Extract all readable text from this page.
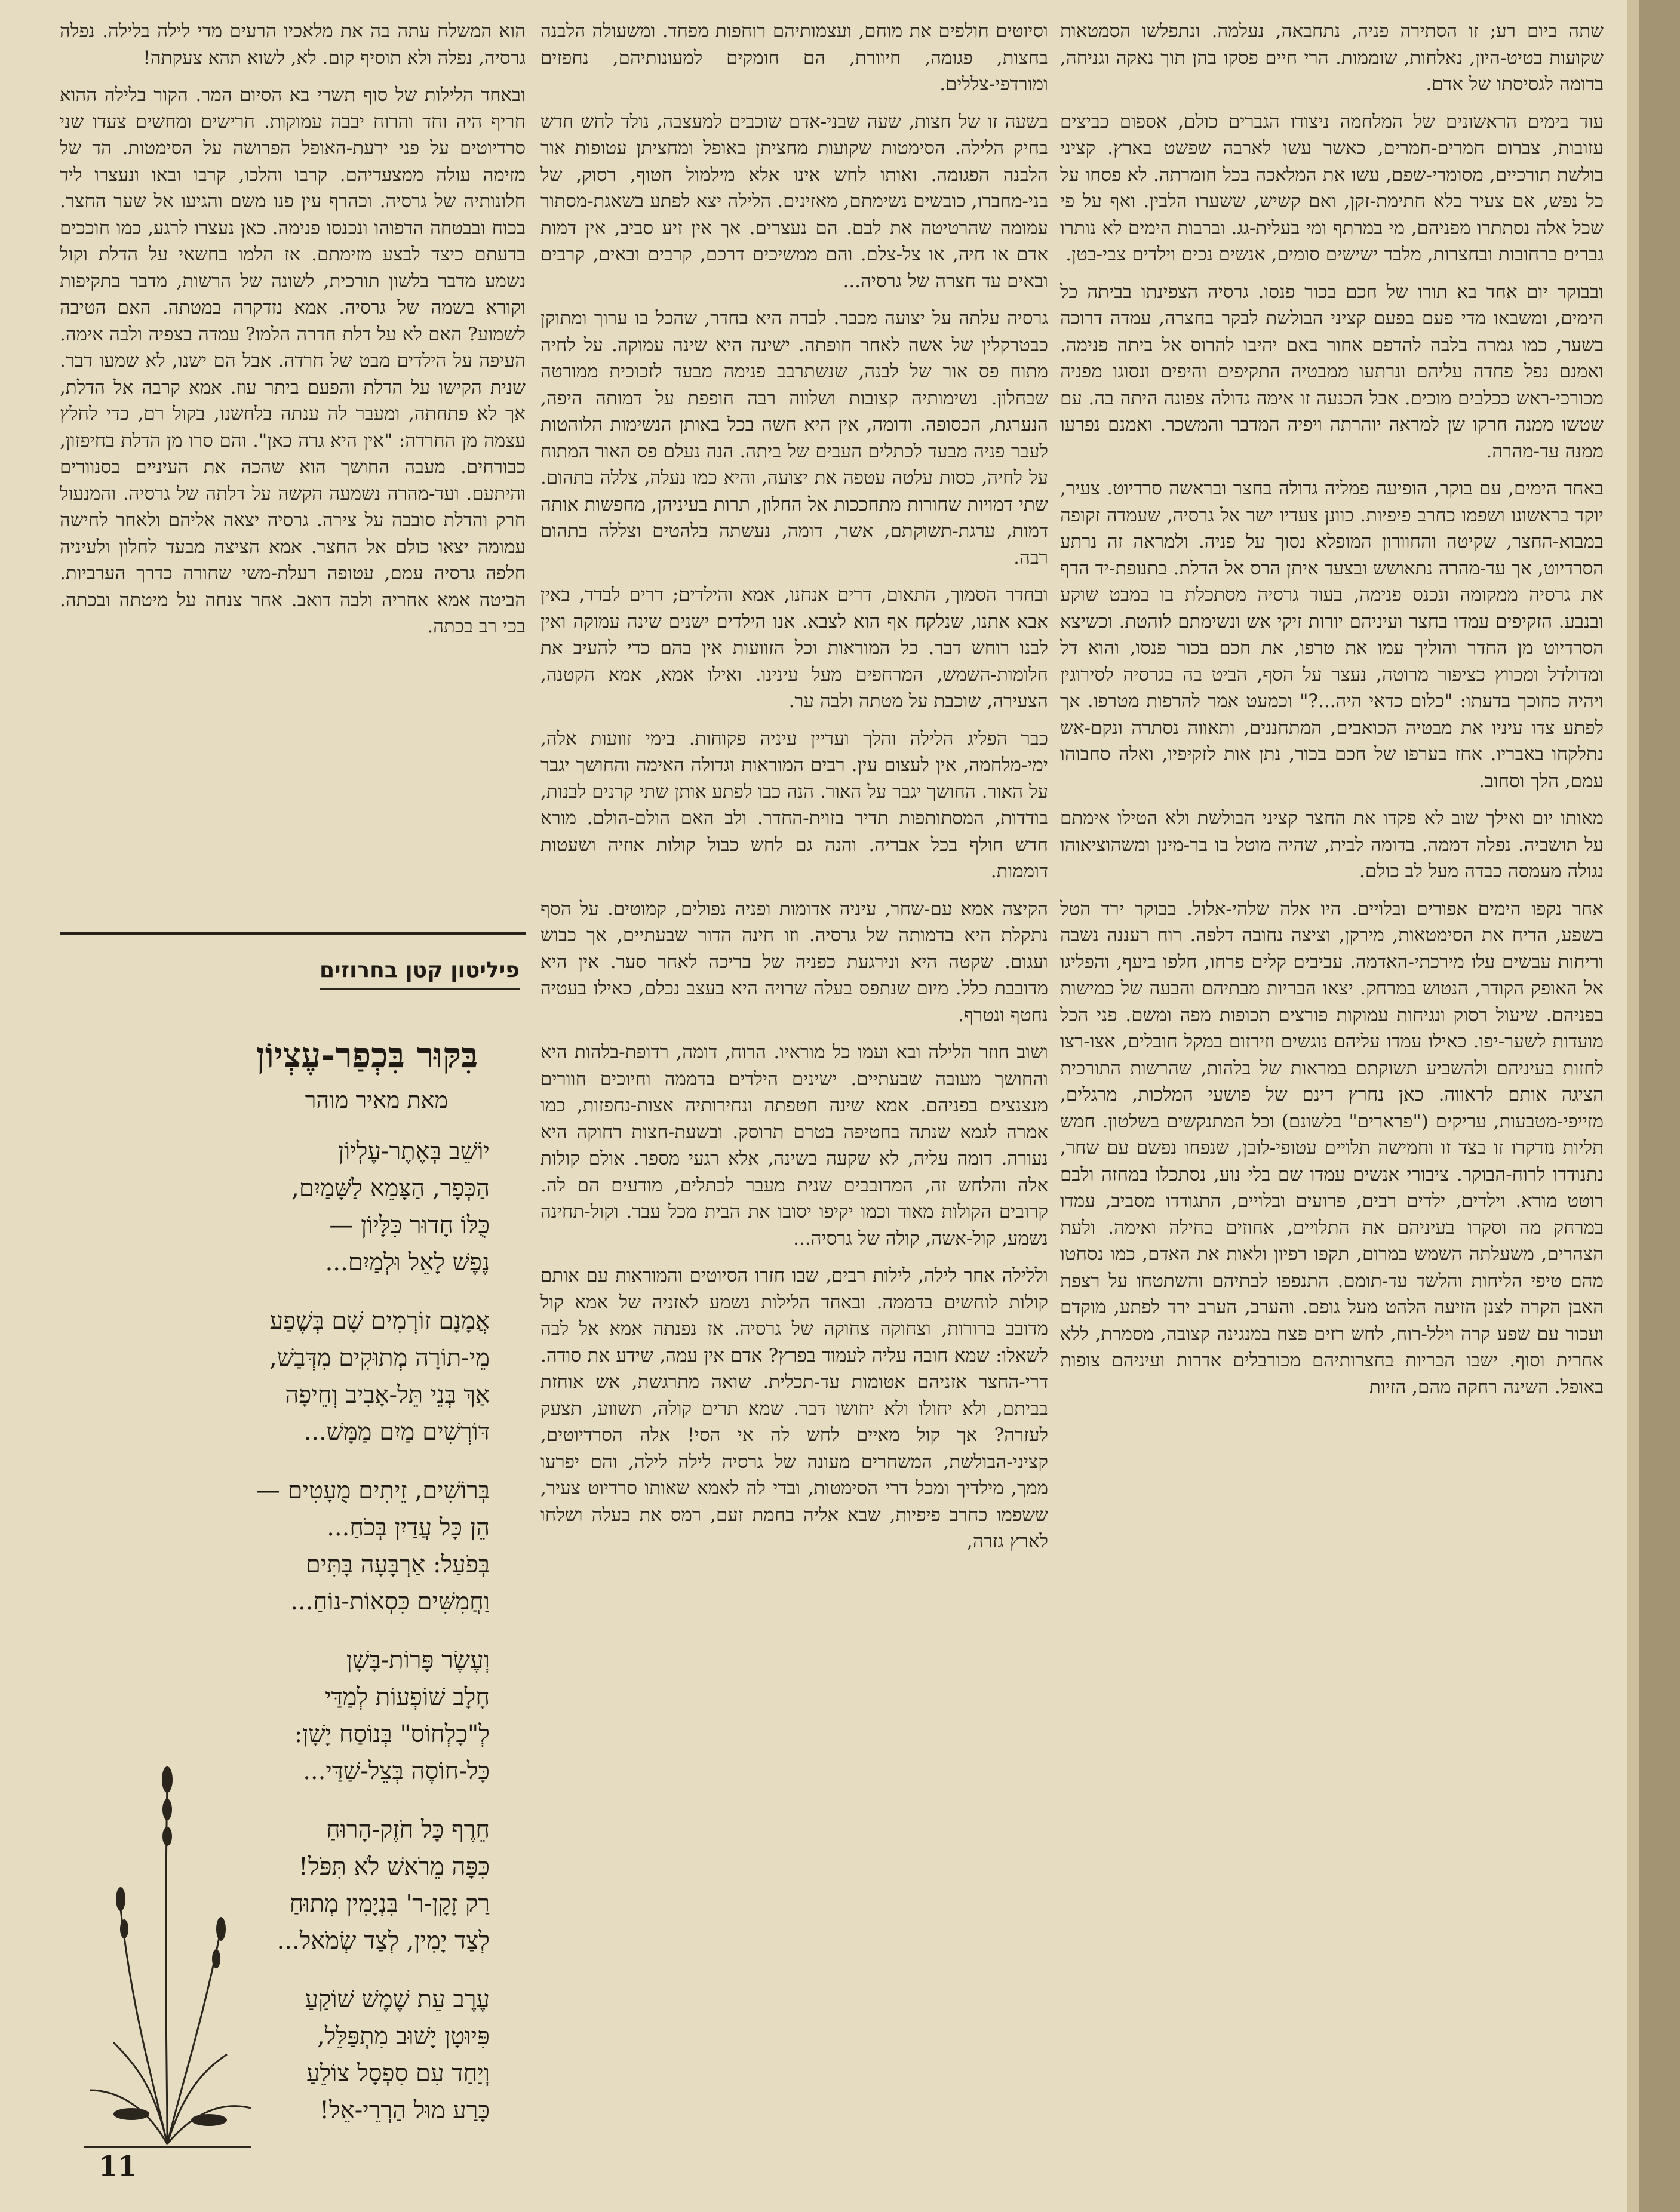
שתה ביום רע; זו הסתירה פניה, נתחבאה, נעלמה. ונתפלשו הסמטאות שקועות בטיט-היון, נאלחות, שוממות. הרי חיים פסקו בהן תוך נאקה וגניחה, בדומה לגסיסתו של אדם.

עוד בימים הראשונים של המלחמה ניצודו הגברים כולם, אספום כביצים עזובות, צברום חמרים-חמרים, כאשר עשו לארבה שפשט בארץ. קציני בולשת תורכיים, מסומרי-שפם, עשו את המלאכה בכל חומרתה. לא פסחו על כל נפש, אם צעיר בלא חתימת-זקן, ואם קשיש, ששערו הלבין. ואף על פי שכל אלה נסתתרו מפניהם, מי במרתף ומי בעלית-גג. וברבות הימים לא נותרו גברים ברחובות ובחצרות, מלבד ישישים סומים, אנשים נכים וילדים צבי-בטן.

ובבוקר יום אחד בא תורו של חכם בכור פנסו. גרסיה הצפינתו בביתה כל הימים, ומשבאו מדי פעם בפעם קציני הבולשת לבקר בחצרה, עמדה דרוכה בשער, כמו גמרה בלבה להדפם אחור באם יהיבו להרוס אל ביתה פנימה. ואמנם נפל פחדה עליהם ונרתעו ממבטיה התקיפים והיפים ונסוגו מפניה מכורכי-ראש ככלבים מוכים. אבל הכנעה זו אימה גדולה צפונה היתה בה. עם שטשו ממנה חרקו שן למראה יוהרתה ויפיה המדבר והמשכר. ואמנם נפרעו ממנה עד-מהרה.

באחד הימים, עם בוקר, הופיעה פמליה גדולה בחצר ובראשה סרדיוט. צעיר, יוקד בראשונו ושפמו כחרב פיפיות. כוונן צעדיו ישר אל גרסיה, שעמדה זקופה במבוא-החצר, שקיטה והחוורון המופלא נסוך על פניה. ולמראה זה נרתע הסרדיוט, אך עד-מהרה נתאושש ובצעד איתן הרס אל הדלת. בתנופת-יד הדף את גרסיה ממקומה ונכנס פנימה, בעוד גרסיה מסתכלת בו במבט שוקע ובנבע. הזקיפים עמדו בחצר ועיניהם יורות זיקי אש ונשימתם לוהטת. וכשיצא הסרדיוט מן החדר והוליך עמו את טרפו, את חכם בכור פנסו, והוא דל ומדולדל ומכווץ כציפור מרוטה, נעצר על הסף, הביט בה בגרסיה לסירוגין ויהיה כחוכך בדעתו: "כלום כדאי היה...?" וכמעט אמר להרפות מטרפו. אך לפתע צדו עיניו את מבטיה הכואבים, המתחננים, ותאווה נסתרה ונקם-אש נתלקחו באבריו. אחז בערפו של חכם בכור, נתן אות לזקיפיו, ואלה סחבוהו עמם, הלך וסחוב.

מאותו יום ואילך שוב לא פקדו את החצר קציני הבולשת ולא הטילו אימתם על תושביה. נפלה דממה. בדומה לבית, שהיה מוטל בו בר-מינן ומשהוציאוהו נגולה מעמסה כבדה מעל לב כולם.

אחר נקפו הימים אפורים ובלויים. היו אלה שלהי-אלול. בבוקר ירד הטל בשפע, הדיח את הסימטאות, מירקן, וציצה נחובה דלפה. רוח רעננה נשבה וריחות עבשים עלו מירכתי-האדמה. עביבים קלים פרחו, חלפו ביעף, והפליגו אל האופק הקודר, הנטוש במרחק. יצאו הבריות מבתיהם והבעה של כמישות בפניהם. שיעול רסוק ונגיחות עמוקות פורצים תכופות מפה ומשם. פני הכל מועדות לשער-יפו. כאילו עמדו עליהם נוגשים וזירזום במקל חובלים, אצו-רצו לחזות בעיניהם ולהשביע תשוקתם במראות של בלהות, שהרשות התורכית הציגה אותם לראווה. כאן נחרץ דינם של פושעי המלכות, מרגלים, מזייפי-מטבעות, עריקים ("פרארים" בלשונם) וכל המתנקשים בשלטון. חמש תליות נזדקרו זו בצד זו וחמישה תלויים עטופי-לובן, שנפחו נפשם עם שחר, נתנודדו לרוח-הבוקר. ציבורי אנשים עמדו שם בלי נוע, נסתכלו במחזה ולבם רוטט מורא. וילדים, ילדים רבים, פרועים ובלויים, התגודדו מסביב, עמדו במרחק מה וסקרו בעיניהם את התלויים, אחוזים בחילה ואימה. ולעת הצהרים, משעלתה השמש במרום, תקפו רפיון ולאות את האדם, כמו נסחטו מהם טיפי הליחות והלשד עד-תומם. התנפפו לבתיהם והשתטחו על רצפת האבן הקרה לצנן הזיעה הלהט מעל גופם. והערב, הערב ירד לפתע, מוקדם ועכור עם שפע קרה וילל-רוח, לחש רזים פצח במנגינה קצובה, מסמרת, ללא אחרית וסוף. ישבו הבריות בחצרותיהם מכורבלים אדרות ועיניהם צופות באופל. השינה רחקה מהם, הזיות

וסיוטים חולפים את מוחם, ועצמותיהם רוחפות מפחד. ומשעולה הלבנה בחצות, פגומה, חיוורת, הם חומקים למעונותיהם, נחפזים ומורדפי-צללים.

בשעה זו של חצות, שעה שבני-אדם שוכבים למעצבה, נולד לחש חדש בחיק הלילה. הסימטות שקועות מחציתן באופל ומחציתן עטופות אור הלבנה הפגומה. ואותו לחש אינו אלא מילמול חטוף, רסוק, של בני-מחברו, כובשים נשימתם, מאזינים. הלילה יצא לפתע בשאגת-מסתור עמומה שהרטיטה את לבם. הם נעצרים. אך אין זיע סביב, אין דמות אדם או חיה, או צל-צלם. והם ממשיכים דרכם, קרבים ובאים, קרבים ובאים עד חצרה של גרסיה...

גרסיה עלתה על יצועה מכבר. לבדה היא בחדר, שהכל בו ערוך ומתוקן כבטרקלין של אשה לאחר חופתה. ישינה היא שינה עמוקה. על לחיה מתוח פס אור של לבנה, שנשתרבב פנימה מבעד לזכוכית ממורטה שבחלון. נשימותיה קצובות ושלווה רבה חופפת על דמותה היפה, הנערגת, הכסופה. ודומה, אין היא חשה בכל באותן הנשימות הלוהטות לעבר פניה מבעד לכתלים העבים של ביתה. הנה נעלם פס האור המתוח על לחיה, כסות עלטה עטפה את יצועה, והיא כמו נעלה, צללה בתהום. שתי דמויות שחורות מתחככות אל החלון, תרות בעיניהן, מחפשות אותה דמות, ערגת-תשוקתם, אשר, דומה, נעשתה בלהטים וצללה בתהום רבה.

ובחדר הסמוך, התאום, דרים אנחנו, אמא והילדים; דרים לבדד, באין אבא אתנו, שנלקח אף הוא לצבא. אנו הילדים ישנים שינה עמוקה ואין לבנו רוחש דבר. כל המוראות וכל הזוועות אין בהם כדי להעיב את חלומות-השמש, המרחפים מעל עינינו. ואילו אמא, אמא הקטנה, הצעירה, שוכבת על מטתה ולבה ער.

כבר הפליג הלילה והלך ועדיין עיניה פקוחות. בימי זוועות אלה, ימי-מלחמה, אין לעצום עין. רבים המוראות וגדולה האימה והחושך יגבר על האור. החושך יגבר על האור. הנה כבו לפתע אותן שתי קרנים לבנות, בודדות, המסתותפות תדיר בזוית-החדר. ולב האם הולם-הולם. מורא חדש חולף בכל אבריה. והנה גם לחש כבול קולות אוזיה ושעטות דוממות.

הקיצה אמא עם-שחר, עיניה אדומות ופניה נפולים, קמוטים. על הסף נתקלת היא בדמותה של גרסיה. וזו חינה הדור שבעתיים, אך כבוש ועגום. שקטה היא ונירגעת כפניה של בריכה לאחר סער. אין היא מדובבת כלל. מיום שנתפס בעלה שרויה היא בעצב נכלם, כאילו בעטיה נחטף ונטרף.

ושוב חוזר הלילה ובא ועמו כל מוראיו. הרוח, דומה, רדופת-בלהות היא והחושך מעובה שבעתיים. ישינים הילדים בדממה וחיוכים חוורים מנצנצים בפניהם. אמא שינה חטפתה ונחירותיה אצות-נחפזות, כמו אמרה לגמא שנתה בחטיפה בטרם תרוסק. ובשעת-חצות רחוקה היא נעורה. דומה עליה, לא שקעה בשינה, אלא רגעי מספר. אולם קולות אלה והלחש זה, המדובבים שנית מעבר לכתלים, מודעים הם לה. קרובים הקולות מאוד וכמו יקיפו יסובו את הבית מכל עבר. וקול-תחינה נשמע, קול-אשה, קולה של גרסיה...

וללילה אחר לילה, לילות רבים, שבו חזרו הסיוטים והמוראות עם אותם קולות לוחשים בדממה. ובאחד הלילות נשמע לאזניה של אמא קול מדובב ברורות, וצחוקה צחוקה של גרסיה. אז נפנתה אמא אל לבה לשאלו: שמא חובה עליה לעמוד בפרץ? אדם אין עמה, שידע את סודה. דרי-החצר אזניהם אטומות עד-תכלית. שואה מתרגשת, אש אוחזת בביתם, ולא יחולו ולא יחושו דבר. שמא תרים קולה, תשווע, תצעק לעזרה? אך קול מאיים לחש לה אי הסי! אלה הסרדיוטים, קציני-הבולשת, המשחרים מעונה של גרסיה לילה לילה, והם יפרעו ממך, מילדיך ומכל דרי הסימטות, ובדי לה לאמא שאותו סרדיוט צעיר, ששפמו כחרב פיפיות, שבא אליה בחמת זעם, רמס את בעלה ושלחו לארץ גזרה,

הוא המשלח עתה בה את מלאכיו הרעים מדי לילה בלילה. נפלה גרסיה, נפלה ולא תוסיף קום. לא, לשוא תהא צעקתה!

ובאחד הלילות של סוף תשרי בא הסיום המר. הקור בלילה ההוא חריף היה וחד והרוח יבבה עמוקות. חרישים ומחשים צעדו שני סרדיוטים על פני ירעת-האופל הפרושה על הסימטות. הד של מזימה עולה ממצעדיהם. קרבו והלכו, קרבו ובאו ונעצרו ליד חלונותיה של גרסיה. וכהרף עין פנו משם והגיעו אל שער החצר. בכוח ובבטחה הדפוהו ונכנסו פנימה. כאן נעצרו לרגע, כמו חוככים בדעתם כיצד לבצע מזימתם. אז הלמו בחשאי על הדלת וקול נשמע מדבר בלשון תורכית, לשונה של הרשות, מדבר בתקיפות וקורא בשמה של גרסיה. אמא נזדקרה במטתה. האם הטיבה לשמוע? האם לא על דלת חדרה הלמו? עמדה בצפיה ולבה אימה. העיפה על הילדים מבט של חרדה. אבל הם ישנו, לא שמעו דבר. שנית הקישו על הדלת והפעם ביתר עוז. אמא קרבה אל הדלת, אך לא פתחתה, ומעבר לה ענתה בלחשנו, בקול רם, כדי לחלץ עצמה מן החרדה: "אין היא גרה כאן". והם סרו מן הדלת בחיפזון, כבורחים. מעבה החושך הוא שהכה את העיניים בסנוורים והיתעם. ועד-מהרה נשמעה הקשה על דלתה של גרסיה. והמנעול חרק והדלת סובבה על צירה. גרסיה יצאה אליהם ולאחר לחישה עמומה יצאו כולם אל החצר. אמא הציצה מבעד לחלון ולעיניה חלפה גרסיה עמם, עטופה רעלת-משי שחורה כדרך הערביות. הביטה אמא אחריה ולבה דואב. אחר צנחה על מיטתה ובכתה. בכי רב בכתה.

פיליטון קטן בחרוזים
בִּקּוּר בִּכְפַר-עֶצְיוֹן
מאת מאיר מוהר
יוֹשֵׁב בְּאֶתֶר-עֶלְיוֹן
הַכְּפָר, הַצָּמֵא לַשָּׁמַיִם,
כֻּלּוֹ חָדוּר כִּלָּיוֹן —
נֶפֶשׁ לָאֵל וּלְמַיִם...
אֲמָנָם זוֹרְמִים שָׁם בְּשֶׁפַע
מֵי-תוֹרָה מְתוּקִים מִדְּבַשׁ,
אַךְ בְּנֵי תֵּל-אָבִיב וְחֵיפָה
דּוֹרְשִׁים מַיִם מַמָּשׁ...
בְּרוֹשִׁים, זֵיתִים מֻעָטִים —
הֵן כָּל עֲדַיִן בְּכֹחַ...
בְּפֹעַל: אַרְבָּעָה בָּתִּים
וַחֲמִשִּׁים כִּסְאוֹת-נוֹחַ...
וְעֶשֶׂר פָּרוֹת-בָּשָׁן
חָלָב שׁוֹפְעוֹת לְמַדַּי
לְ"כָלְחוֹס" בְּנוֹסַח יָשָׁן:
כָּל-חוֹסֶה בְּצֵל-שַׁדַּי...
חֵרֶף כָּל חֹזֶק-הָרוּחַ
כִּפָּה מֵרֹאשׁ לֹא תִּפֹּל!
רַק זָקָן-ר' בִּנְיָמִין מְתוּחַ
לְצַד יָמִין, לְצַד שְׂמֹאל...
עֶרֶב עֵת שֶׁמֶשׁ שׁוֹקַעַ
פִּיוּטָן יָשׁוּב מִתְפַּלֵּל,
וְיַחַד עִם סִפְסָל צוֹלֵעַ
כָּרַע מוּל הַרְרֵי-אֵל!
11
